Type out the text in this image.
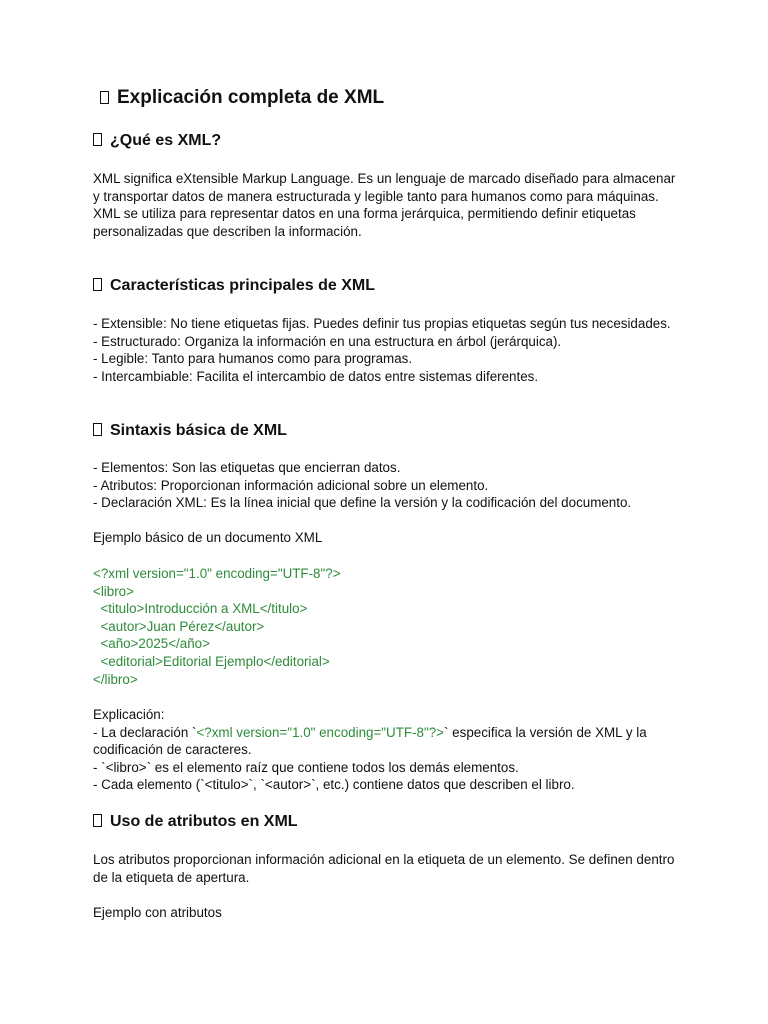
Explicación completa de XML
¿Qué es XML?

XML significa eXtensible Markup Language. Es un lenguaje de marcado diseñado para almacenar y transportar datos de manera estructurada y legible tanto para humanos como para máquinas.

XML se utiliza para representar datos en una forma jerárquica, permitiendo definir etiquetas personalizadas que describen la información.

Características principales de XML

- Extensible: No tiene etiquetas fijas. Puedes definir tus propias etiquetas según tus necesidades.

- Estructurado: Organiza la información en una estructura en árbol (jerárquica).

- Legible: Tanto para humanos como para programas.

- Intercambiable: Facilita el intercambio de datos entre sistemas diferentes.

Sintaxis básica de XML

- Elementos: Son las etiquetas que encierran datos.

- Atributos: Proporcionan información adicional sobre un elemento.

- Declaración XML: Es la línea inicial que define la versión y la codificación del documento.

Ejemplo básico de un documento XML

<?xml version="1.0" encoding="UTF-8"?>

<libro>

<titulo>Introducción a XML</titulo>

<autor>Juan Pérez</autor>

<año>2025</año>

<editorial>Editorial Ejemplo</editorial>

</libro>

Explicación:

- La declaración `<?xml version="1.0" encoding="UTF-8"?>` especifica la versión de XML y la codificación de caracteres.

- `<libro>` es el elemento raíz que contiene todos los demás elementos.

- Cada elemento (`<titulo>`, `<autor>`, etc.) contiene datos que describen el libro.

Uso de atributos en XML

Los atributos proporcionan información adicional en la etiqueta de un elemento. Se definen dentro de la etiqueta de apertura.

Ejemplo con atributos
